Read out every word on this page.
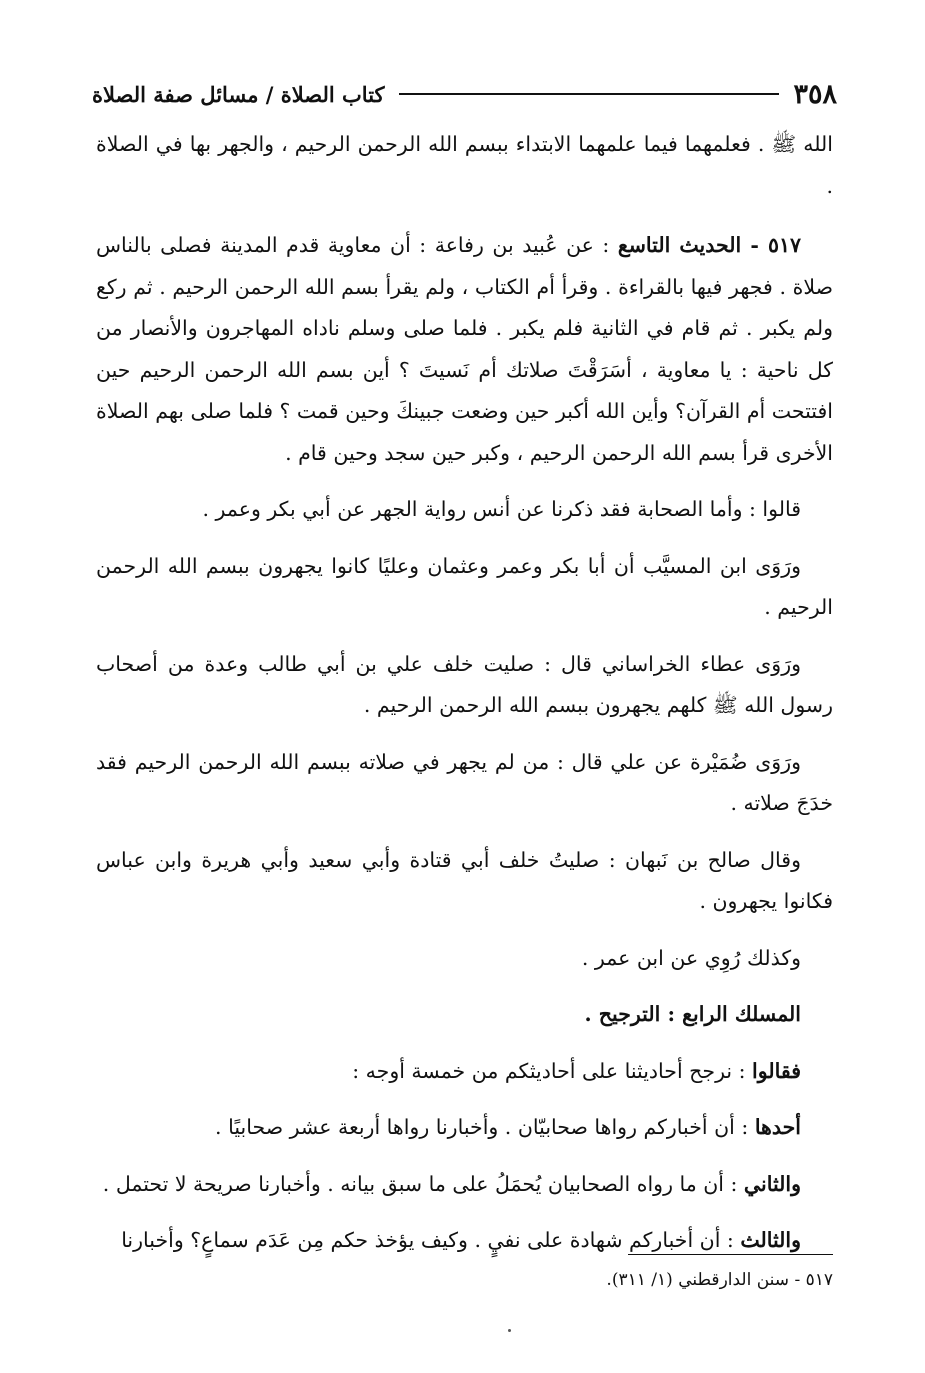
٣٥٨
كتاب الصلاة / مسائل صفة الصلاة

الله ﷺ . فعلمهما فيما علمهما الابتداء ببسم الله الرحمن الرحيم ، والجهر بها في الصلاة .

٥١٧ - الحديث التاسع : عن عُبيد بن رفاعة : أن معاوية قدم المدينة فصلى بالناس صلاة . فجهر فيها بالقراءة . وقرأ أم الكتاب ، ولم يقرأ بسم الله الرحمن الرحيم . ثم ركع ولم يكبر . ثم قام في الثانية فلم يكبر . فلما صلى وسلم ناداه المهاجرون والأنصار من كل ناحية : يا معاوية ، أسَرَقْتَ صلاتك أم نَسيتَ ؟ أين بسم الله الرحمن الرحيم حين افتتحت أم القرآن؟ وأين الله أكبر حين وضعت جبينكَ وحين قمت ؟ فلما صلى بهم الصلاة الأخرى قرأ بسم الله الرحمن الرحيم ، وكبر حين سجد وحين قام .

قالوا : وأما الصحابة فقد ذكرنا عن أنس رواية الجهر عن أبي بكر وعمر .

ورَوَى ابن المسيَّب أن أبا بكر وعمر وعثمان وعليًا كانوا يجهرون ببسم الله الرحمن الرحيم .

ورَوَى عطاء الخراساني قال : صليت خلف علي بن أبي طالب وعدة من أصحاب رسول الله ﷺ كلهم يجهرون ببسم الله الرحمن الرحيم .

ورَوَى ضُمَيْرة عن علي قال : من لم يجهر في صلاته ببسم الله الرحمن الرحيم فقد خدَجَ صلاته .

وقال صالح بن نَبهان : صليتُ خلف أبي قتادة وأبي سعيد وأبي هريرة وابن عباس فكانوا يجهرون .

وكذلك رُوِي عن ابن عمر .

المسلك الرابع : الترجيح .

فقالوا : نرجح أحاديثنا على أحاديثكم من خمسة أوجه :

أحدها : أن أخباركم رواها صحابيّان . وأخبارنا رواها أربعة عشر صحابيًا .

والثاني : أن ما رواه الصحابيان يُحمَلُ على ما سبق بيانه . وأخبارنا صريحة لا تحتمل .

والثالث : أن أخباركم شهادة على نفيٍ . وكيف يؤخذ حكم مِن عَدَم سماعٍ؟ وأخبارنا

٥١٧ - سنن الدارقطني (١/ ٣١١).
